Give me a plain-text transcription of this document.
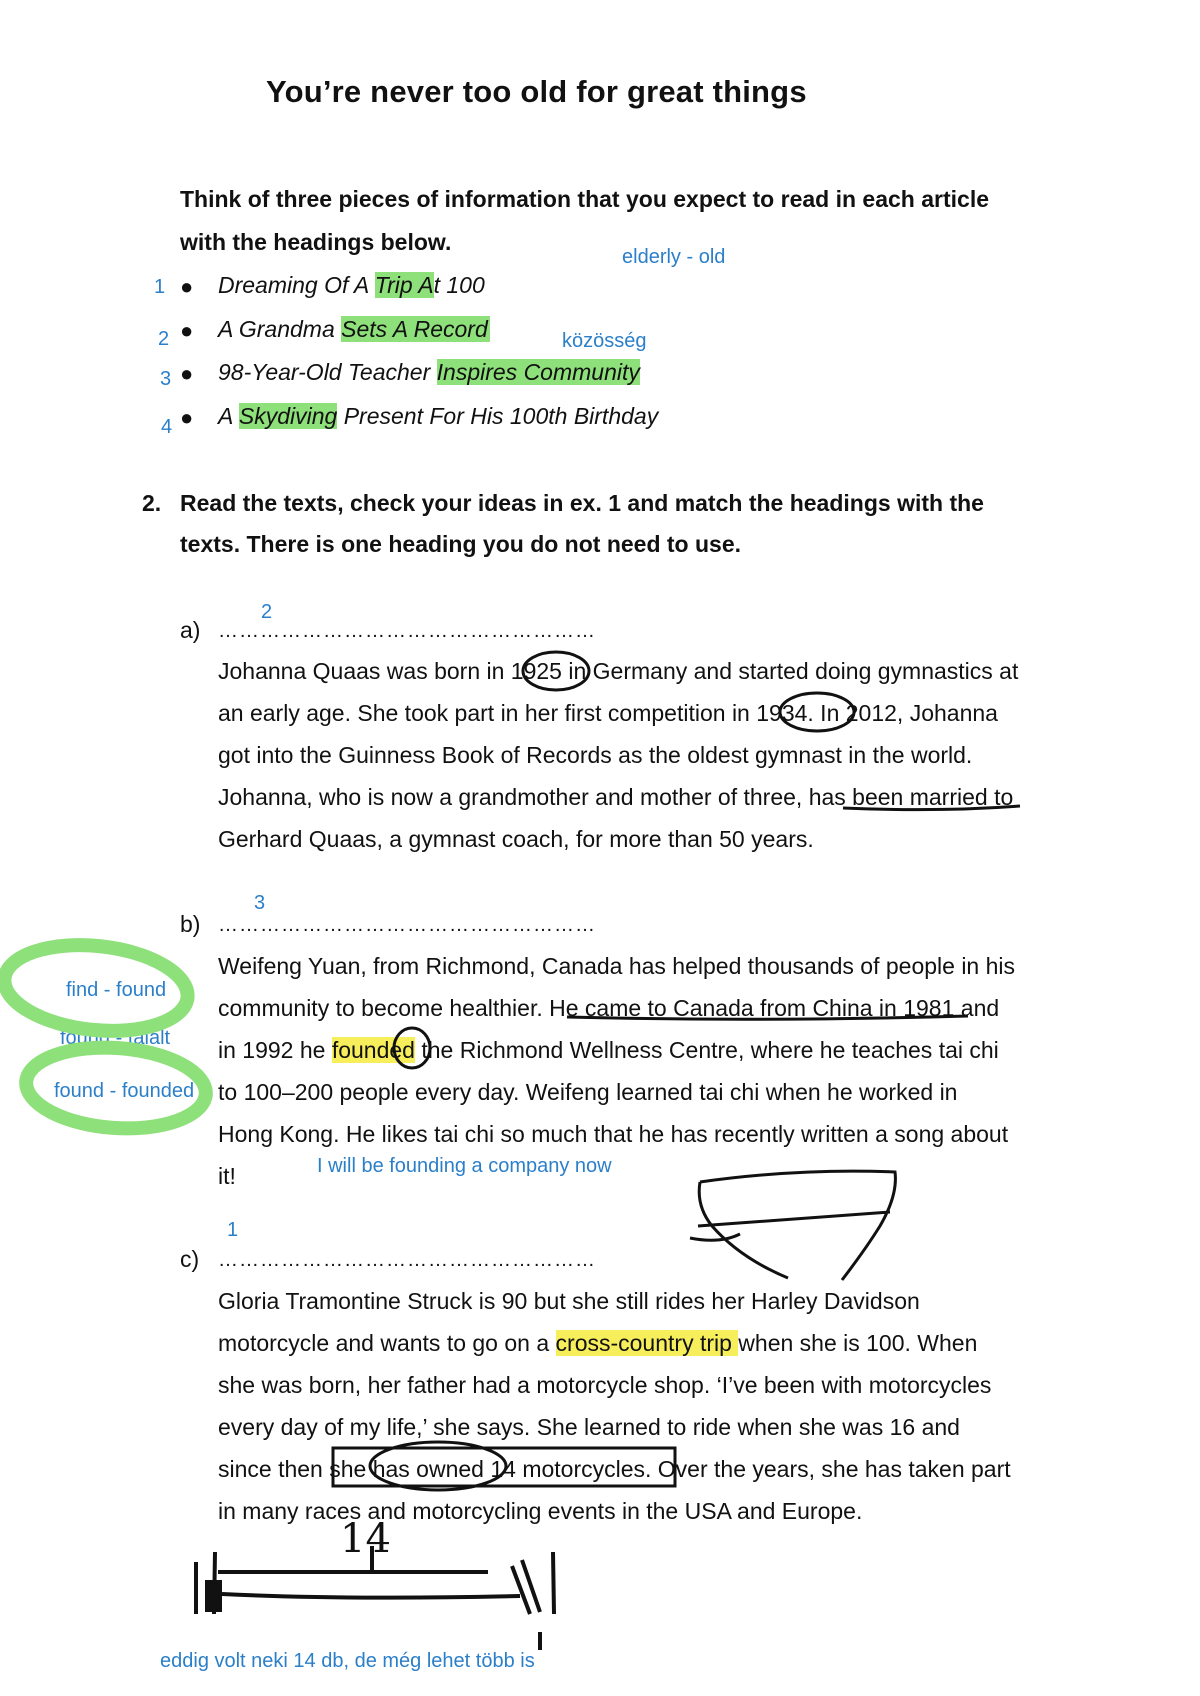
You’re never too old for great things
Think of three pieces of information that you expect to read in each article
with the headings below.
elderly - old
1 ● Dreaming Of A Trip At 100
2 ● A Grandma Sets A Record	közösség
3 ● 98-Year-Old Teacher Inspires Community
4 ● A Skydiving Present For His 100th Birthday
2. Read the texts, check your ideas in ex. 1 and match the headings with the
texts. There is one heading you do not need to use.
2
a) ………………………………………………
Johanna Quaas was born in 1925 in Germany and started doing gymnastics at
an early age. She took part in her first competition in 1934. In 2012, Johanna
got into the Guinness Book of Records as the oldest gymnast in the world.
Johanna, who is now a grandmother and mother of three, has been married to
Gerhard Quaas, a gymnast coach, for more than 50 years.
3
b) ………………………………………………
Weifeng Yuan, from Richmond, Canada has helped thousands of people in his
community to become healthier. He came to Canada from China in 1981 and
in 1992 he founded the Richmond Wellness Centre, where he teaches tai chi
to 100–200 people every day. Weifeng learned tai chi when he worked in
Hong Kong. He likes tai chi so much that he has recently written a song about
it!	I will be founding a company now
find - found
found - talált
found - founded
1
c) ………………………………………………
Gloria Tramontine Struck is 90 but she still rides her Harley Davidson
motorcycle and wants to go on a cross-country trip when she is 100. When
she was born, her father had a motorcycle shop. ‘I’ve been with motorcycles
every day of my life,’ she says. She learned to ride when she was 16 and
since then she has owned 14 motorcycles. Over the years, she has taken part
in many races and motorcycling events in the USA and Europe.
14
eddig volt neki 14 db, de még lehet több is
